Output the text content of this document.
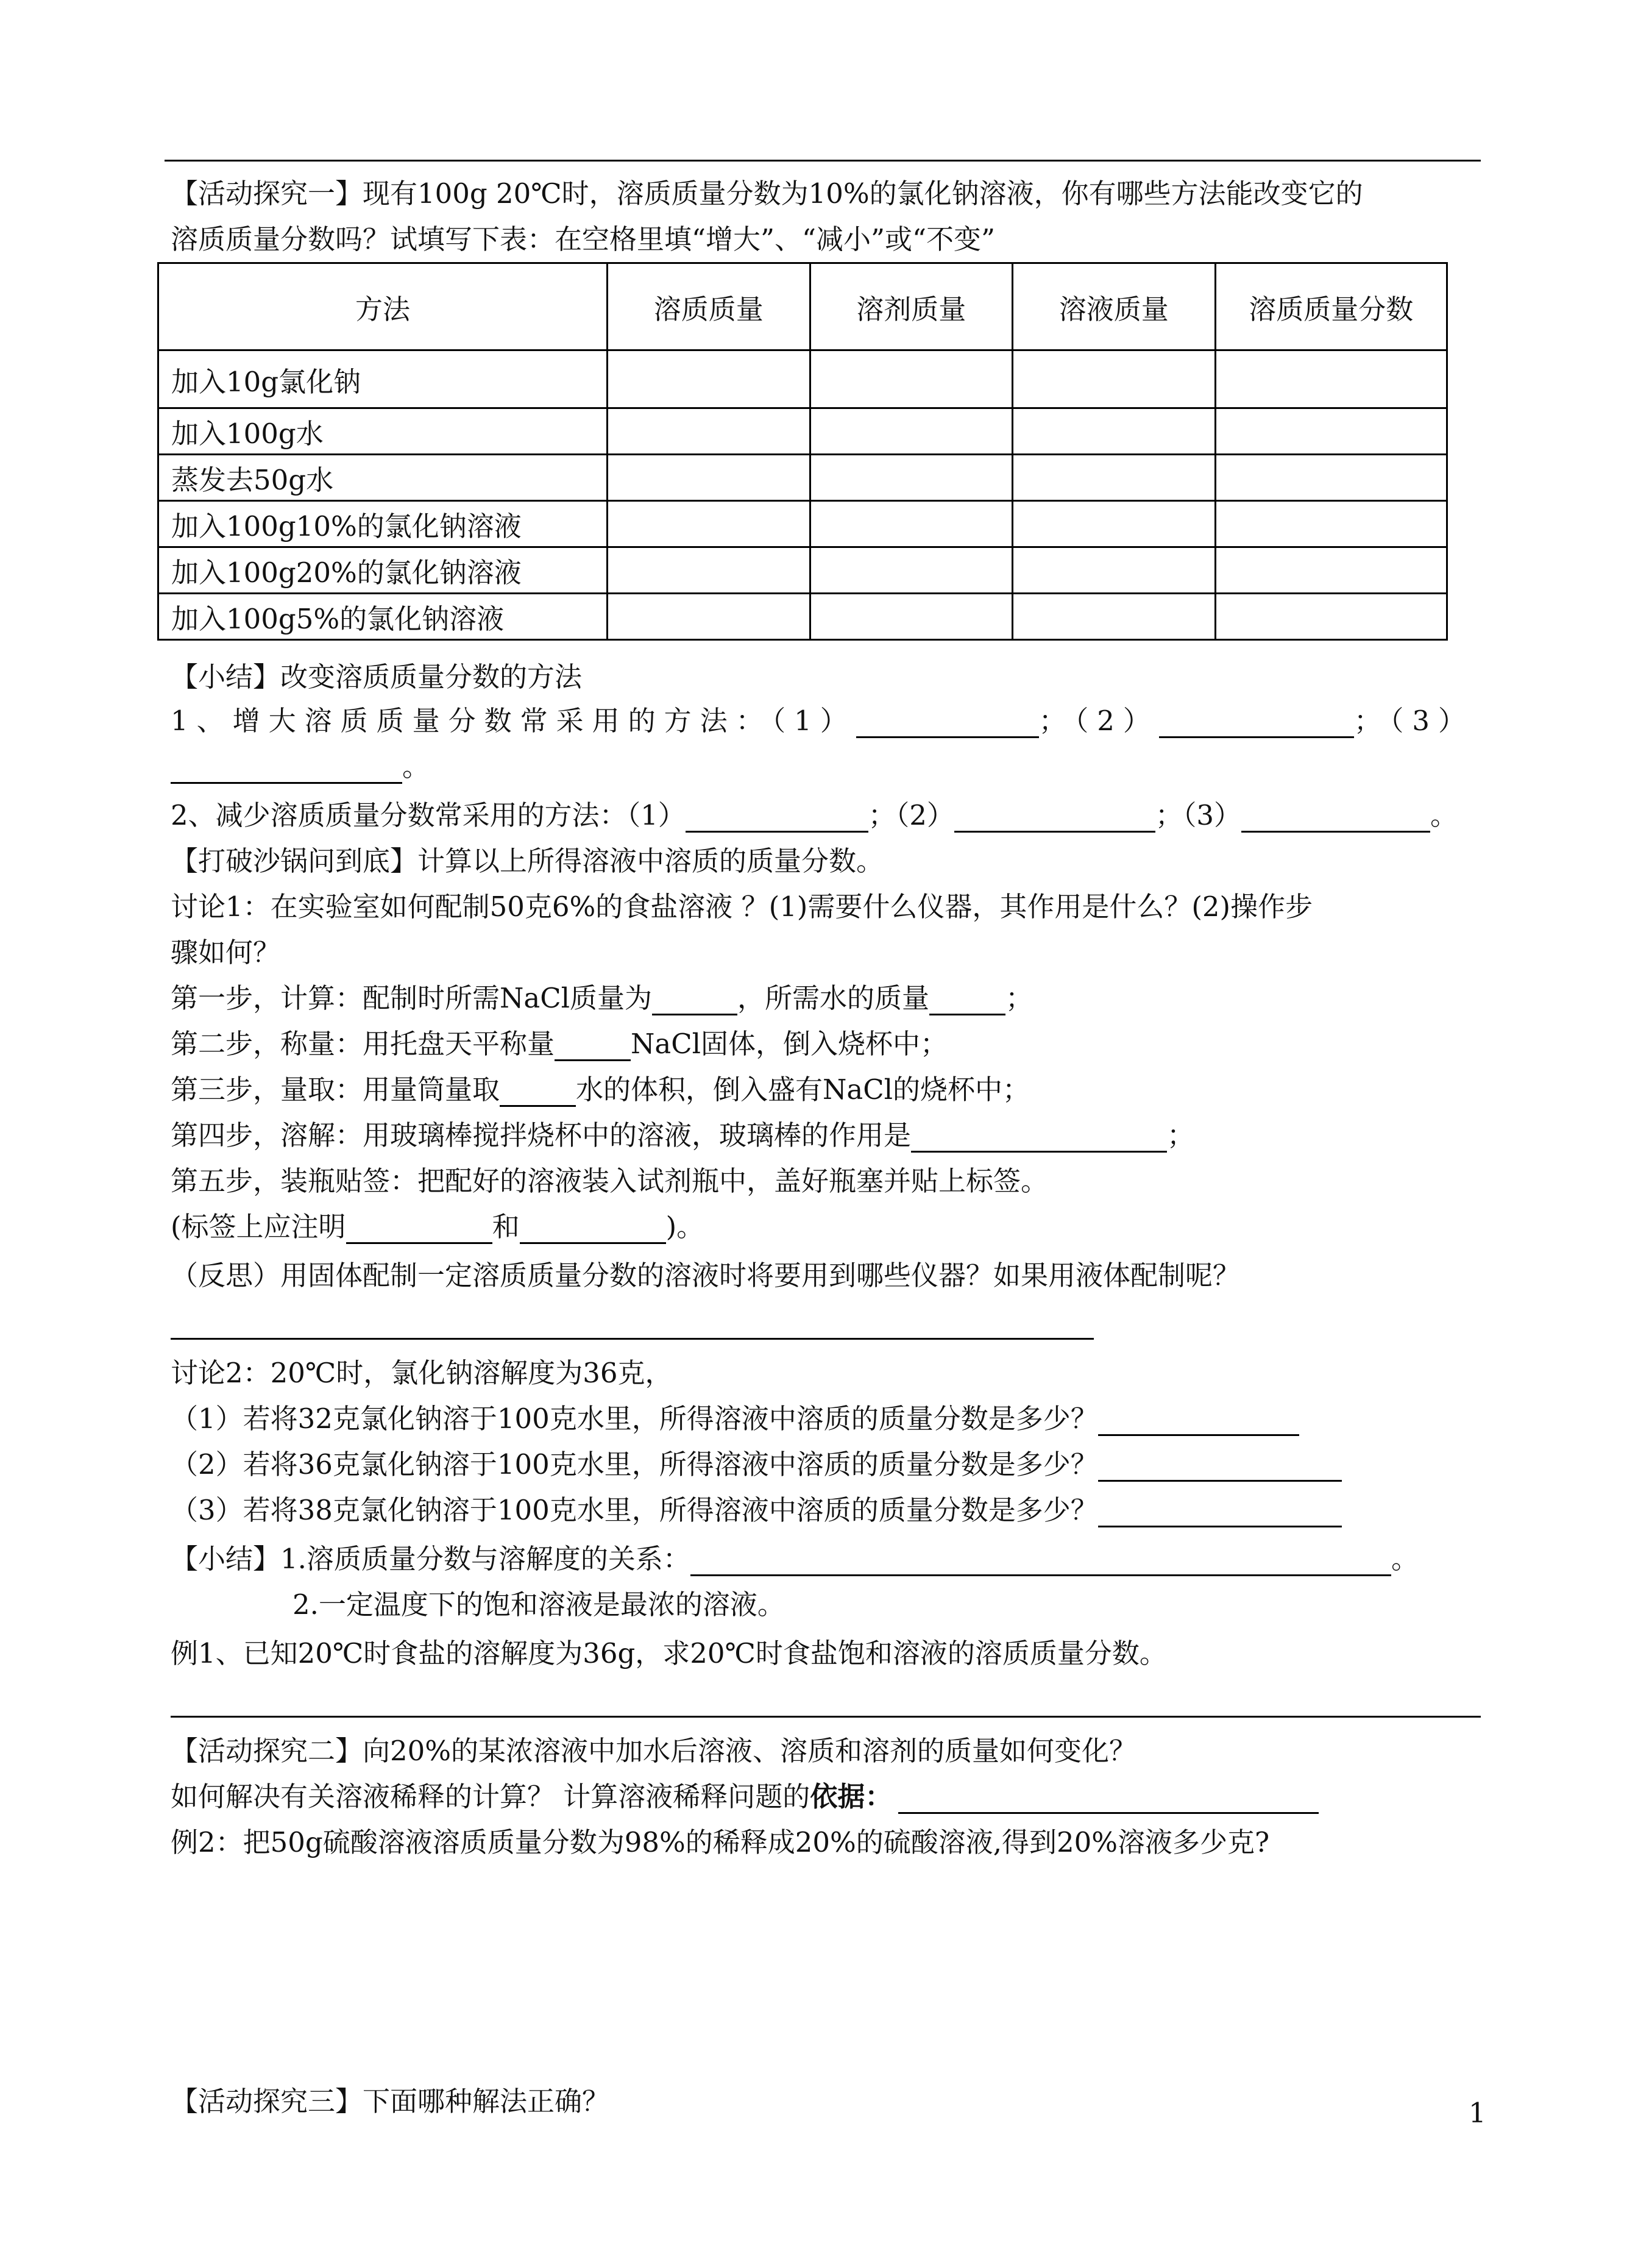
【活动探究一】现有100g 20℃时，溶质质量分数为10%的氯化钠溶液，你有哪些方法能改变它的
溶质质量分数吗？试填写下表：在空格里填“增大”、“减小”或“不变”
方法	溶质质量	溶剂质量	溶液质量	溶质质量分数
加入10g氯化钠				
加入100g水				
蒸发去50g水				
加入100g10%的氯化钠溶液				
加入100g20%的氯化钠溶液				
加入100g5%的氯化钠溶液				
【小结】改变溶质质量分数的方法
1、增大溶质质量分数常采用的方法：（1）	；（2）	；（3）
。
2、减少溶质质量分数常采用的方法：（1）	；（2）	；（3）	。
【打破沙锅问到底】计算以上所得溶液中溶质的质量分数。
讨论1：在实验室如何配制50克6%的食盐溶液 ？(1)需要什么仪器，其作用是什么？(2)操作步
骤如何？
第一步，计算：配制时所需NaCl质量为	，所需水的质量	；
第二步，称量：用托盘天平称量	NaCl固体，倒入烧杯中；
第三步，量取：用量筒量取	水的体积，倒入盛有NaCl的烧杯中；
第四步，溶解：用玻璃棒搅拌烧杯中的溶液，玻璃棒的作用是	；
第五步，装瓶贴签：把配好的溶液装入试剂瓶中，盖好瓶塞并贴上标签。
(标签上应注明	和	)。
（反思）用固体配制一定溶质质量分数的溶液时将要用到哪些仪器？如果用液体配制呢？
讨论2：20℃时，氯化钠溶解度为36克，
（1）若将32克氯化钠溶于100克水里，所得溶液中溶质的质量分数是多少？
（2）若将36克氯化钠溶于100克水里，所得溶液中溶质的质量分数是多少？
（3）若将38克氯化钠溶于100克水里，所得溶液中溶质的质量分数是多少？
【小结】1.溶质质量分数与溶解度的关系：	。
2.一定温度下的饱和溶液是最浓的溶液。
例1、已知20℃时食盐的溶解度为36g，求20℃时食盐饱和溶液的溶质质量分数。
【活动探究二】向20%的某浓溶液中加水后溶液、溶质和溶剂的质量如何变化？
如何解决有关溶液稀释的计算？ 计算溶液稀释问题的依据：
例2：把50g硫酸溶液溶质质量分数为98%的稀释成20%的硫酸溶液,得到20%溶液多少克?
【活动探究三】下面哪种解法正确？	1
